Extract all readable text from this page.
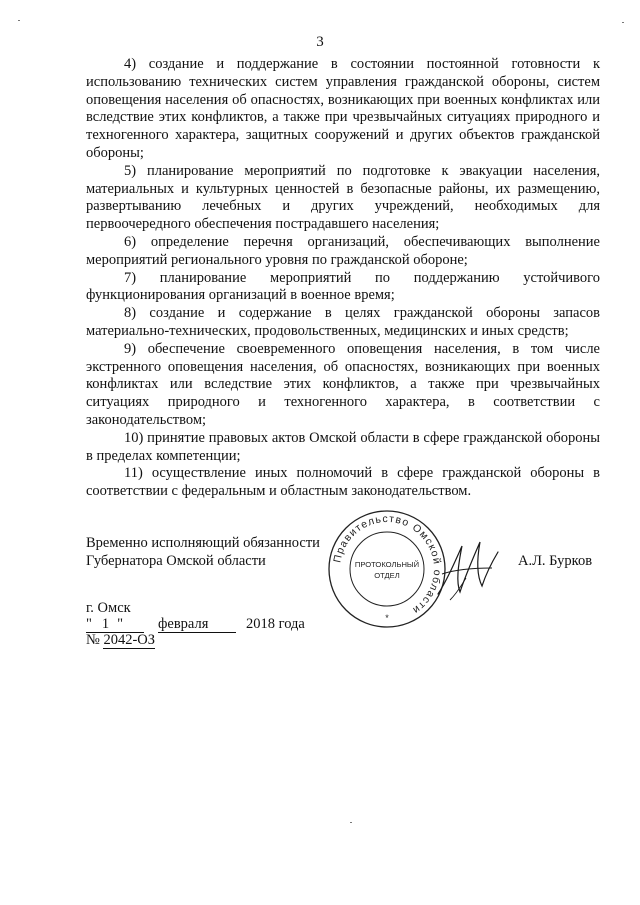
3

4) создание и поддержание в состоянии постоянной готовности к использованию технических систем управления гражданской обороны, систем оповещения населения об опасностях, возникающих при военных конфликтах или вследствие этих конфликтов, а также при чрезвычайных ситуациях природного и техногенного характера, защитных сооружений и других объектов гражданской обороны;

5) планирование мероприятий по подготовке к эвакуации населения, материальных и культурных ценностей в безопасные районы, их размещению, развертыванию лечебных и других учреждений, необходимых для первоочередного обеспечения пострадавшего населения;

6) определение перечня организаций, обеспечивающих выполнение мероприятий регионального уровня по гражданской обороне;

7) планирование мероприятий по поддержанию устойчивого функционирования организаций в военное время;

8) создание и содержание в целях гражданской обороны запасов материально-технических, продовольственных, медицинских и иных средств;

9) обеспечение своевременного оповещения населения, в том числе экстренного оповещения населения, об опасностях, возникающих при военных конфликтах или вследствие этих конфликтов, а также при чрезвычайных ситуациях природного и техногенного характера, в соответствии с законодательством;

10) принятие правовых актов Омской области в сфере гражданской обороны в пределах компетенции;

11) осуществление иных полномочий в сфере гражданской обороны в соответствии с федеральным и областным законодательством.

Временно исполняющий обязанности
Губернатора Омской области	Правительство Омской области
ПРОТОКОЛЬНЫЙ
ОТДЕЛ
*
А.Л. Бурков
г. Омск
" 1 " февраля	2018 года
№ 2042-ОЗ
